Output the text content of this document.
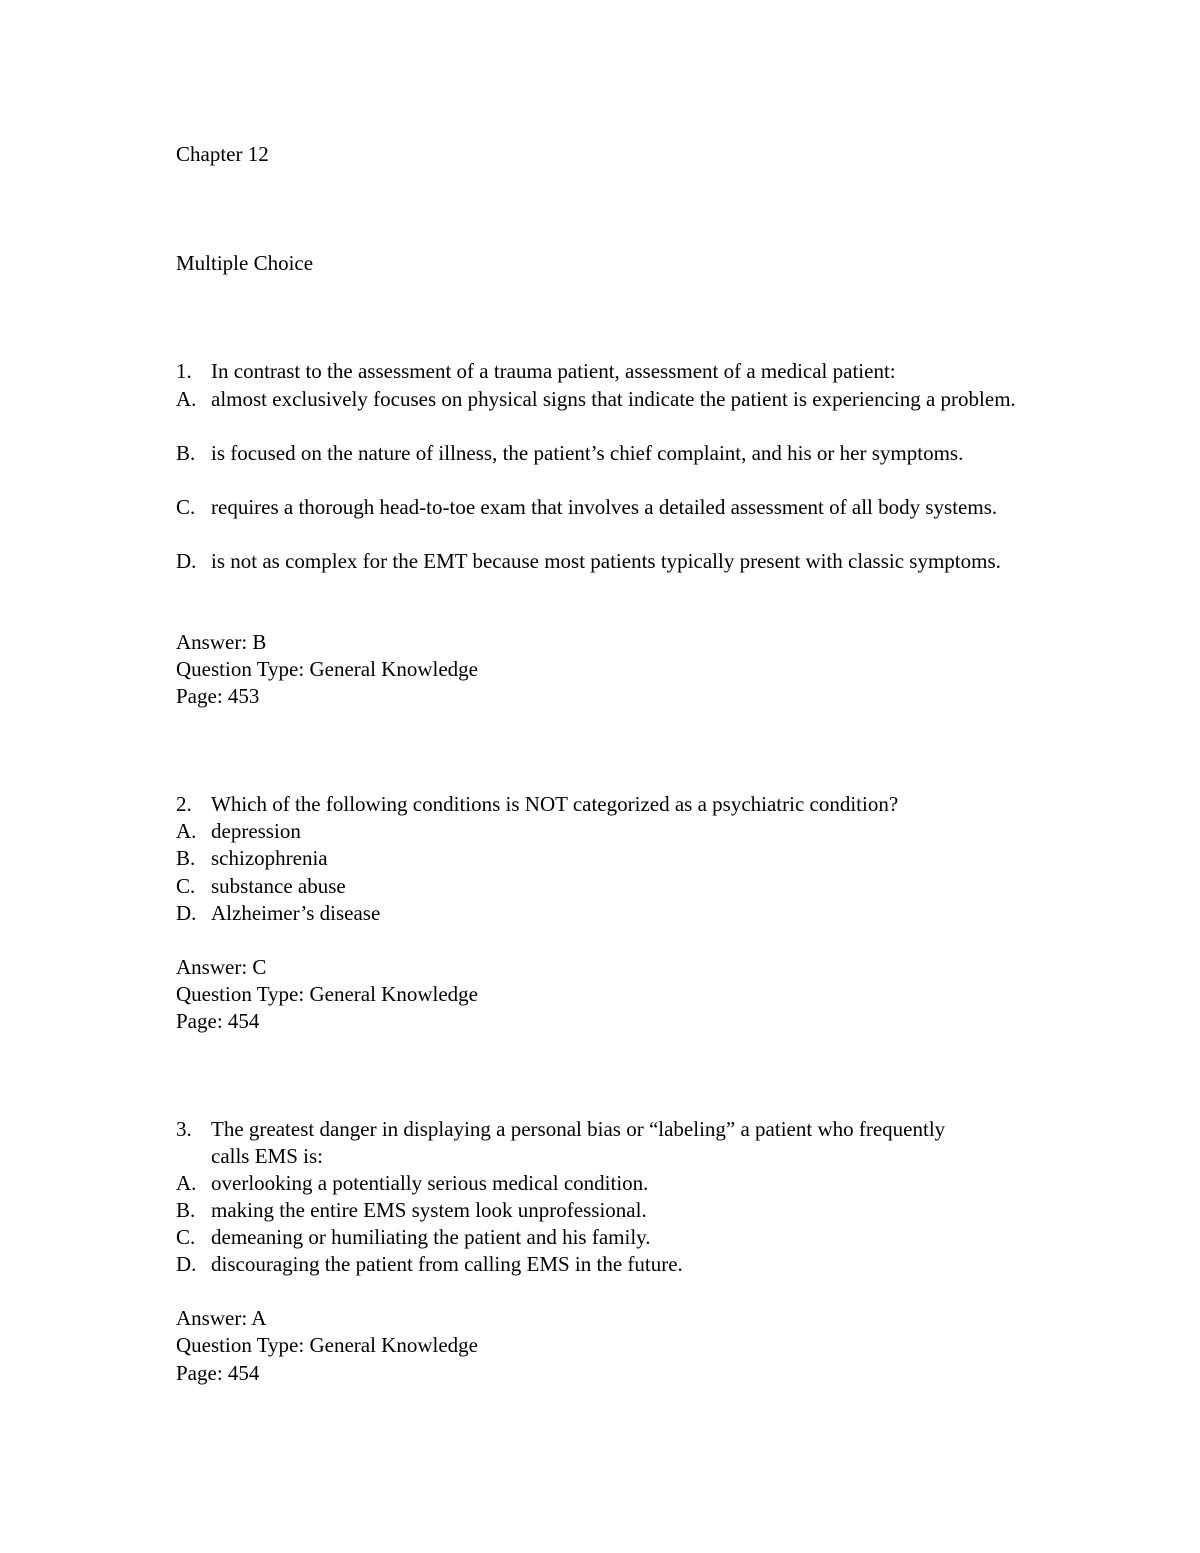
Chapter 12
Multiple Choice
1. In contrast to the assessment of a trauma patient, assessment of a medical patient:
A. almost exclusively focuses on physical signs that indicate the patient is experiencing a problem.
B. is focused on the nature of illness, the patient’s chief complaint, and his or her symptoms.
C. requires a thorough head-to-toe exam that involves a detailed assessment of all body systems.
D. is not as complex for the EMT because most patients typically present with classic symptoms.
Answer: B
Question Type: General Knowledge
Page: 453
2. Which of the following conditions is NOT categorized as a psychiatric condition?
A. depression
B. schizophrenia
C. substance abuse
D. Alzheimer’s disease
Answer: C
Question Type: General Knowledge
Page: 454
3. The greatest danger in displaying a personal bias or “labeling” a patient who frequently calls EMS is:
A. overlooking a potentially serious medical condition.
B. making the entire EMS system look unprofessional.
C. demeaning or humiliating the patient and his family.
D. discouraging the patient from calling EMS in the future.
Answer: A
Question Type: General Knowledge
Page: 454
